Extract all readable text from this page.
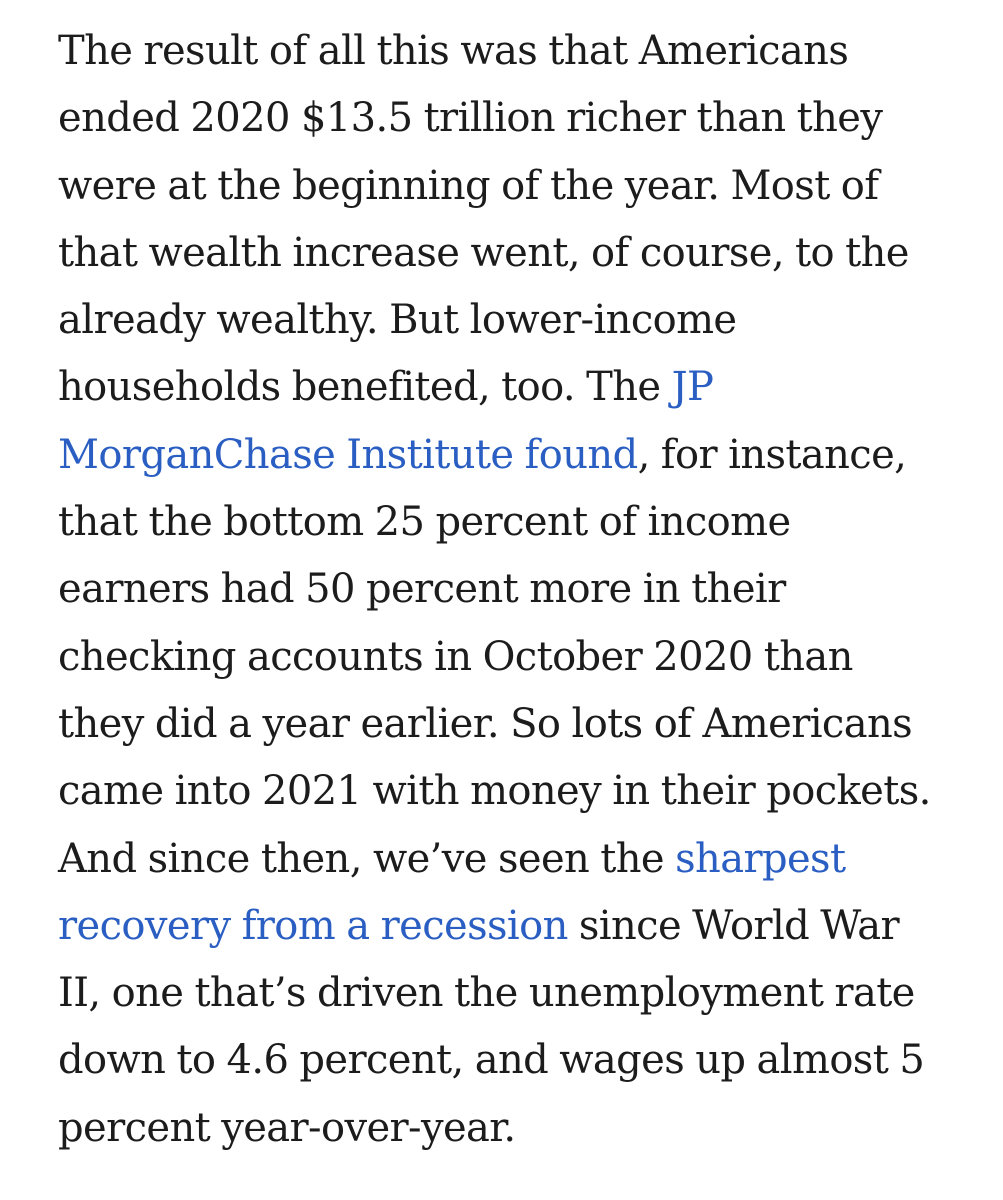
The result of all this was that Americans
ended 2020 $13.5 trillion richer than they
were at the beginning of the year. Most of
that wealth increase went, of course, to the
already wealthy. But lower-income
households benefited, too. The JP
MorganChase Institute found, for instance,
that the bottom 25 percent of income
earners had 50 percent more in their
checking accounts in October 2020 than
they did a year earlier. So lots of Americans
came into 2021 with money in their pockets.
And since then, we’ve seen the sharpest
recovery from a recession since World War
II, one that’s driven the unemployment rate
down to 4.6 percent, and wages up almost 5
percent year-over-year.
